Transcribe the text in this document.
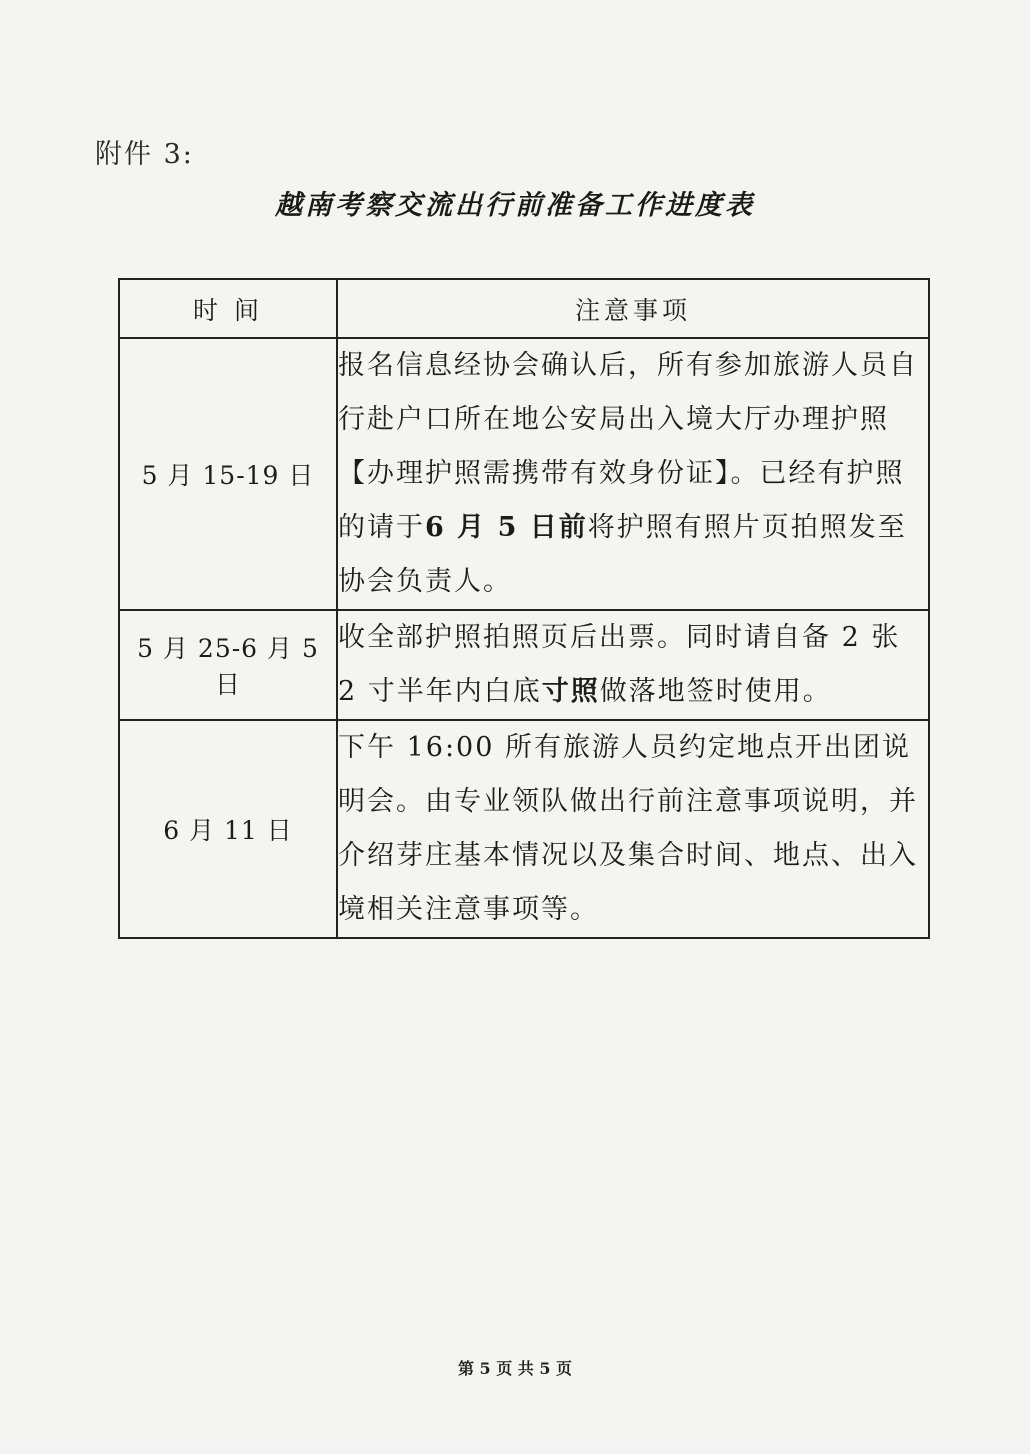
附件 3:
越南考察交流出行前准备工作进度表
时 间	注意事项
5 月 15-19 日	报名信息经协会确认后，所有参加旅游人员自行赴户口所在地公安局出入境大厅办理护照【办理护照需携带有效身份证】。已经有护照的请于6 月 5 日前将护照有照片页拍照发至协会负责人。
5 月 25-6 月 5 日	收全部护照拍照页后出票。同时请自备 2 张 2 寸半年内白底寸照做落地签时使用。
6 月 11 日	下午 16:00 所有旅游人员约定地点开出团说明会。由专业领队做出行前注意事项说明，并介绍芽庄基本情况以及集合时间、地点、出入境相关注意事项等。
第 5 页 共 5 页
